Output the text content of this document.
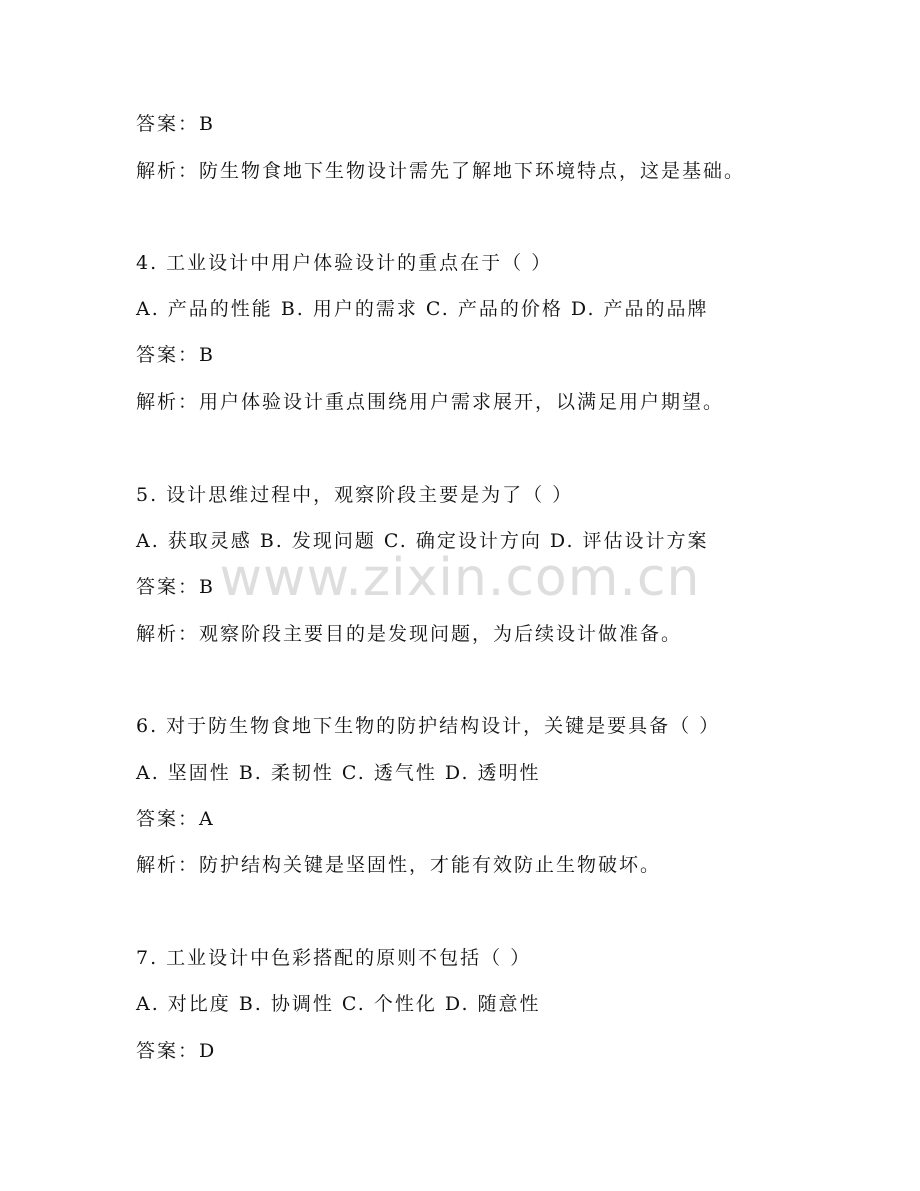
答案：B
解析：防生物食地下生物设计需先了解地下环境特点，这是基础。
4. 工业设计中用户体验设计的重点在于（ ）
A. 产品的性能 B. 用户的需求 C. 产品的价格 D. 产品的品牌
答案：B
解析：用户体验设计重点围绕用户需求展开，以满足用户期望。
5. 设计思维过程中，观察阶段主要是为了（ ）
A. 获取灵感 B. 发现问题 C. 确定设计方向 D. 评估设计方案
答案：B
解析：观察阶段主要目的是发现问题，为后续设计做准备。
6. 对于防生物食地下生物的防护结构设计，关键是要具备（ ）
A. 坚固性 B. 柔韧性 C. 透气性 D. 透明性
答案：A
解析：防护结构关键是坚固性，才能有效防止生物破坏。
7. 工业设计中色彩搭配的原则不包括（ ）
A. 对比度 B. 协调性 C. 个性化 D. 随意性
答案：D
www.zixin.com.cn
